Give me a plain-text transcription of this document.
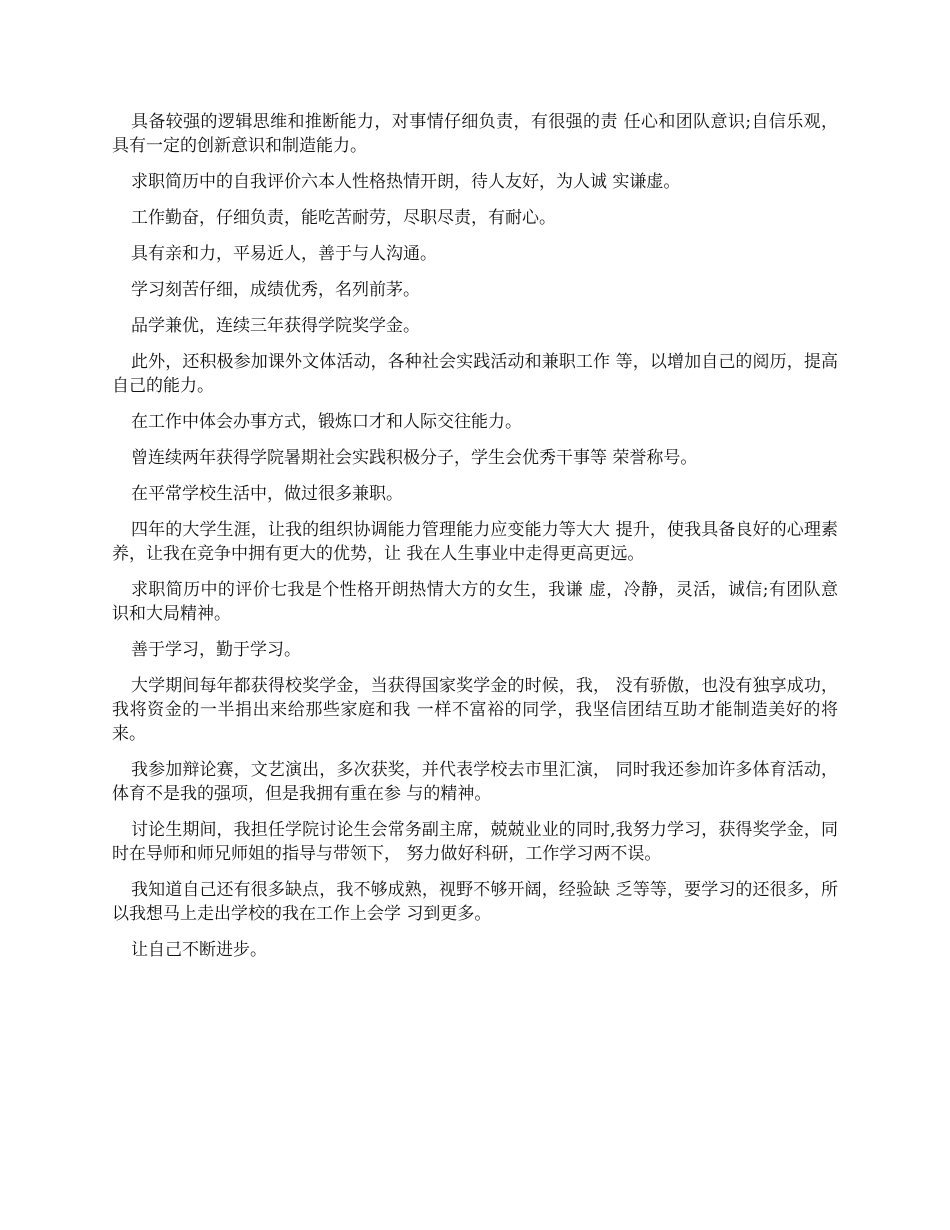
具备较强的逻辑思维和推断能力，对事情仔细负责，有很强的责 任心和团队意识;自信乐观，具有一定的创新意识和制造能力。

求职简历中的自我评价六本人性格热情开朗，待人友好，为人诚 实谦虚。

工作勤奋，仔细负责，能吃苦耐劳，尽职尽责，有耐心。

具有亲和力，平易近人，善于与人沟通。

学习刻苦仔细，成绩优秀，名列前茅。

品学兼优，连续三年获得学院奖学金。

此外，还积极参加课外文体活动，各种社会实践活动和兼职工作 等，以增加自己的阅历，提高自己的能力。

在工作中体会办事方式，锻炼口才和人际交往能力。

曾连续两年获得学院暑期社会实践积极分子，学生会优秀干事等 荣誉称号。

在平常学校生活中，做过很多兼职。

四年的大学生涯，让我的组织协调能力管理能力应变能力等大大 提升，使我具备良好的心理素养，让我在竞争中拥有更大的优势，让 我在人生事业中走得更高更远。

求职简历中的评价七我是个性格开朗热情大方的女生，我谦 虚，冷静，灵活，诚信;有团队意识和大局精神。

善于学习，勤于学习。

大学期间每年都获得校奖学金，当获得国家奖学金的时候，我， 没有骄傲，也没有独享成功，我将资金的一半捐出来给那些家庭和我 一样不富裕的同学，我坚信团结互助才能制造美好的将来。

我参加辩论赛，文艺演出，多次获奖，并代表学校去市里汇演， 同时我还参加许多体育活动，体育不是我的强项，但是我拥有重在参 与的精神。

讨论生期间，我担任学院讨论生会常务副主席，兢兢业业的同时,我努力学习，获得奖学金，同时在导师和师兄师姐的指导与带领下， 努力做好科研，工作学习两不误。

我知道自己还有很多缺点，我不够成熟，视野不够开阔，经验缺 乏等等，要学习的还很多，所以我想马上走出学校的我在工作上会学 习到更多。

让自己不断进步。
